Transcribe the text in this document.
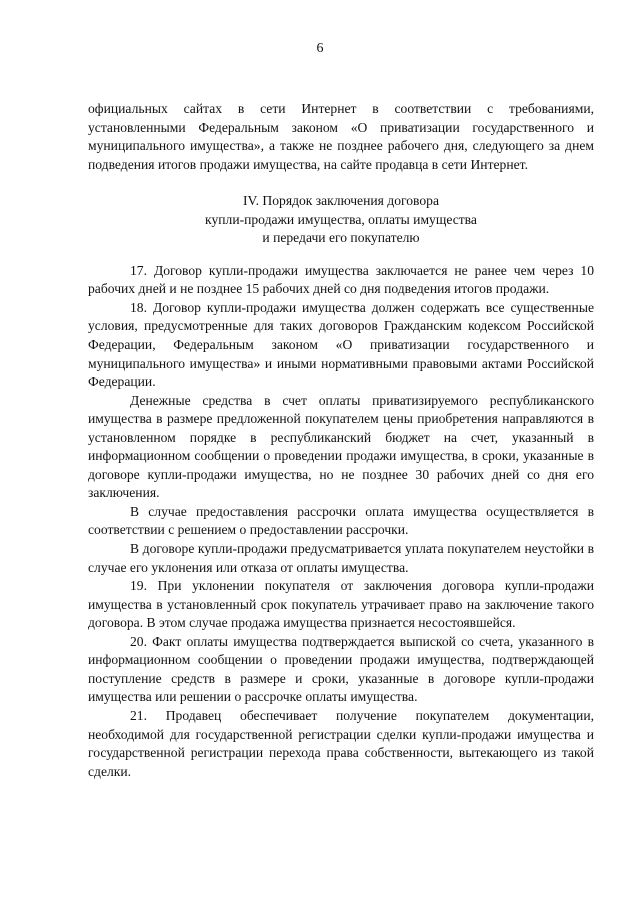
6

официальных сайтах в сети Интернет в соответствии с требованиями, установленными Федеральным законом «О приватизации государственного и муниципального имущества», а также не позднее рабочего дня, следующего за днем подведения итогов продажи имущества, на сайте продавца в сети Интернет.

IV. Порядок заключения договора
купли-продажи имущества, оплаты имущества
и передачи его покупателю

17. Договор купли-продажи имущества заключается не ранее чем через 10 рабочих дней и не позднее 15 рабочих дней со дня подведения итогов продажи.

18. Договор купли-продажи имущества должен содержать все существенные условия, предусмотренные для таких договоров Гражданским кодексом Российской Федерации, Федеральным законом «О приватизации государственного и муниципального имущества» и иными нормативными правовыми актами Российской Федерации.

Денежные средства в счет оплаты приватизируемого республиканского имущества в размере предложенной покупателем цены приобретения направляются в установленном порядке в республиканский бюджет на счет, указанный в информационном сообщении о проведении продажи имущества, в сроки, указанные в договоре купли-продажи имущества, но не позднее 30 рабочих дней со дня его заключения.

В случае предоставления рассрочки оплата имущества осуществляется в соответствии с решением о предоставлении рассрочки.

В договоре купли-продажи предусматривается уплата покупателем неустойки в случае его уклонения или отказа от оплаты имущества.

19. При уклонении покупателя от заключения договора купли-продажи имущества в установленный срок покупатель утрачивает право на заключение такого договора. В этом случае продажа имущества признается несостоявшейся.

20. Факт оплаты имущества подтверждается выпиской со счета, указанного в информационном сообщении о проведении продажи имущества, подтверждающей поступление средств в размере и сроки, указанные в договоре купли-продажи имущества или решении о рассрочке оплаты имущества.

21. Продавец обеспечивает получение покупателем документации, необходимой для государственной регистрации сделки купли-продажи имущества и государственной регистрации перехода права собственности, вытекающего из такой сделки.
